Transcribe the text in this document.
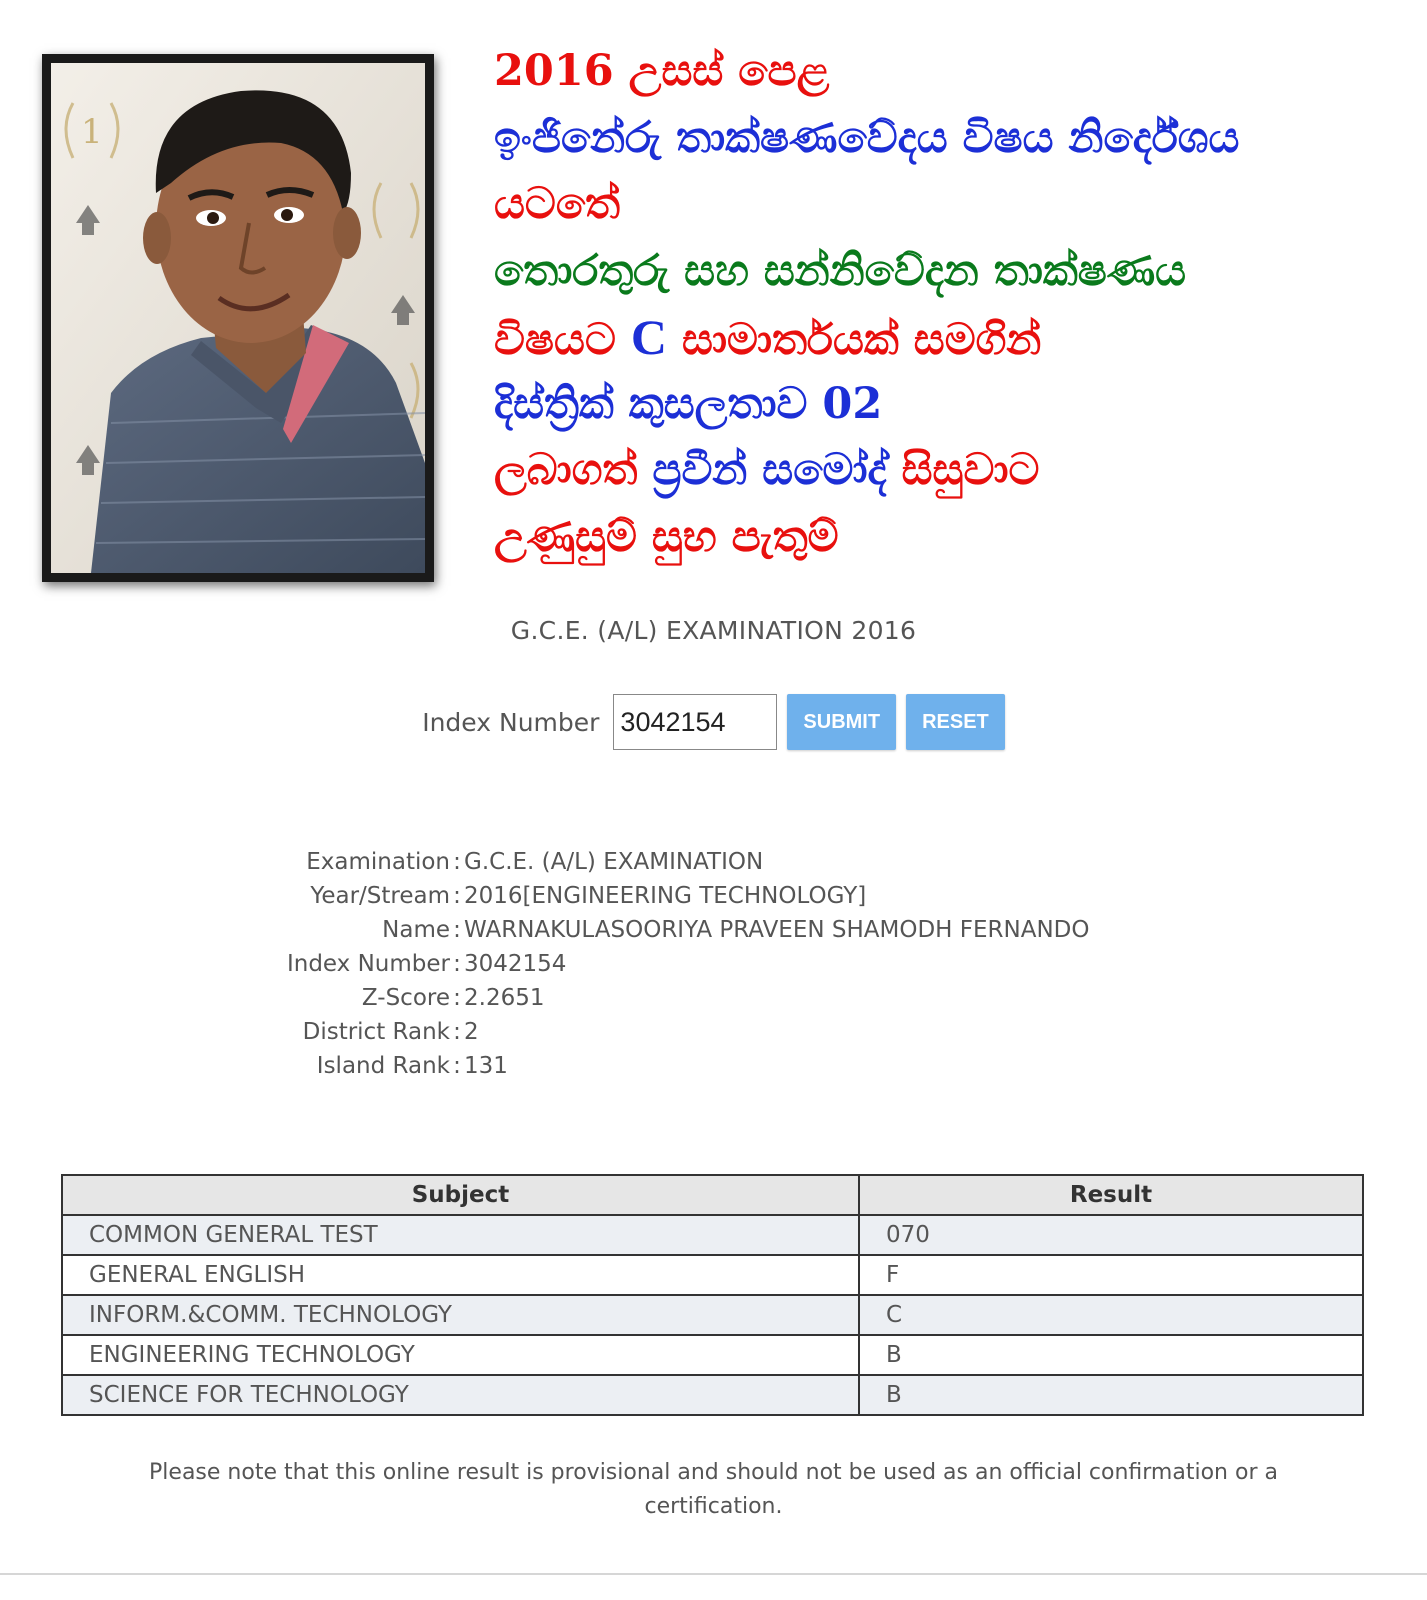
1
2016 උසස් පෙළ
ඉංජිනේරු තාක්ෂණවේදය විෂය නිර්දේශය
යටතේ
තොරතුරු සහ සන්නිවේදන තාක්ෂණය
විෂයට C සාමාර්තයක් සමගින්
දිස්ත්‍රික් කුසලතාව 02
ලබාගත් ප්‍රවීන් සමෝද් සිසුවාට
උණුසුම් සුභ පැතුම්
G.C.E. (A/L) EXAMINATION 2016
Index Number
3042154	SUBMIT	RESET
Examination : G.C.E. (A/L) EXAMINATION
Year/Stream : 2016[ENGINEERING TECHNOLOGY]
Name : WARNAKULASOORIYA PRAVEEN SHAMODH FERNANDO
Index Number : 3042154
Z-Score : 2.2651
District Rank : 2
Island Rank : 131
Subject	Result
COMMON GENERAL TEST	070
GENERAL ENGLISH	F
INFORM.&COMM. TECHNOLOGY	C
ENGINEERING TECHNOLOGY	B
SCIENCE FOR TECHNOLOGY	B
Please note that this online result is provisional and should not be used as an official confirmation or a certification.
